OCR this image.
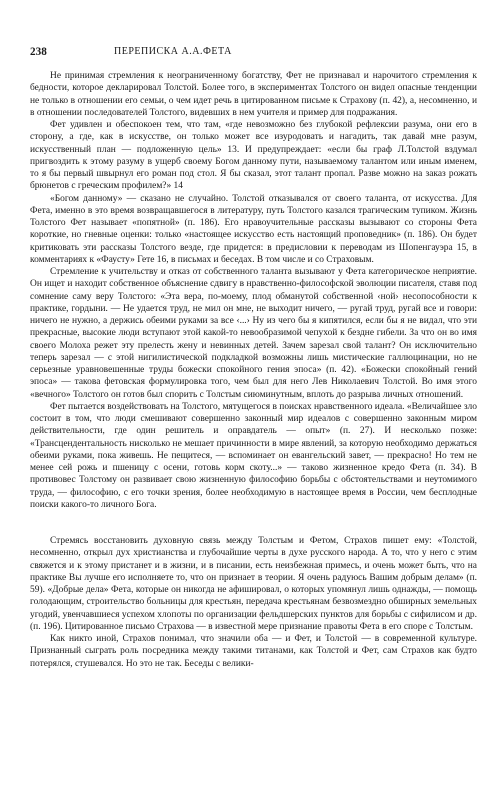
238	ПЕРЕПИСКА А.А.ФЕТА

Не принимая стремления к неограниченному богатству, Фет не признавал и нарочитого стремления к бедности, которое декларировал Толстой. Более того, в экспериментах Толстого он видел опасные тенденции не только в отношении его семьи, о чем идет речь в цитированном письме к Страхову (п. 42), а, несомненно, и в отношении последователей Толстого, видевших в нем учителя и пример для подражания.

Фет удивлен и обеспокоен тем, что там, «где невозможно без глубокой рефлексии разума, они его в сторону, а где, как в искусстве, он только может все изуродовать и нагадить, так давай мне разум, искусственный план — подложенную цель» 13. И предупреждает: «если бы граф Л.Толстой вздумал пригвоздить к этому разуму в ущерб своему Богом данному пути, называемому талантом или иным именем, то я бы первый швырнул его роман под стол. Я бы сказал, этот талант пропал. Разве можно на заказ рожать брюнетов с греческим профилем?» 14

«Богом данному» — сказано не случайно. Толстой отказывался от своего таланта, от искусства. Для Фета, именно в это время возвращавшегося в литературу, путь Толстого казался трагическим тупиком. Жизнь Толстого Фет называет «попятной» (п. 186). Его нравоучительные рассказы вызывают со стороны Фета короткие, но гневные оценки: только «настоящее искусство есть настоящий проповедник» (п. 186). Он будет критиковать эти рассказы Толстого везде, где придется: в предисловии к переводам из Шопенгауэра 15, в комментариях к «Фаусту» Гете 16, в письмах и беседах. В том числе и со Страховым.

Стремление к учительству и отказ от собственного таланта вызывают у Фета категорическое неприятие. Он ищет и находит собственное объяснение сдвигу в нравственно-философской эволюции писателя, ставя под сомнение саму веру Толстого: «Эта вера, по-моему, плод обманутой собственной ‹ной› несопособности к практике, гордыни. — Не удается труд, не мил он мне, не выходит ничего, — ругай труд, ругай все и говори: ничего не нужно, а держись обеими руками за все ‹...› Ну из чего бы я кипятился, если бы я не видал, что эти прекрасные, высокие люди вступают этой какой-то невообразимой чепухой к бездне гибели. За что он во имя своего Молоха режет эту прелесть жену и невинных детей. Зачем зарезал свой талант? Он исключительно теперь зарезал — с этой нигилистической подкладкой возможны лишь мистические галлюцинации, но не серьезные уравновешенные труды божески спокойного гения эпоса» (п. 42). «Божески спокойный гений эпоса» — такова фетовская формулировка того, чем был для него Лев Николаевич Толстой. Во имя этого «вечного» Толстого он готов был спорить с Толстым сиюминутным, вплоть до разрыва личных отношений.

Фет пытается воздействовать на Толстого, мятущегося в поисках нравственного идеала. «Величайшее зло состоит в том, что люди смешивают совершенно законный мир идеалов с совершенно законным миром действительности, где один решитель и оправдатель — опыт» (п. 27). И несколько позже: «Трансцендентальность нисколько не мешает причинности в мире явлений, за которую необходимо держаться обеими руками, пока живешь. Не пещитеся, — вспоминает он евангельский завет, — прекрасно! Но тем не менее сей рожь и пшеницу с осени, готовь корм скоту...» — таково жизненное кредо Фета (п. 34). В противовес Толстому он развивает свою жизненную философию борьбы с обстоятельствами и неутомимого труда, — философию, с его точки зрения, более необходимую в настоящее время в России, чем бесплодные поиски какого-то личного Бога.

Стремясь восстановить духовную связь между Толстым и Фетом, Страхов пишет ему: «Толстой, несомненно, открыл дух христианства и глубочайшие черты в духе русского народа. А то, что у него с этим свяжется и к этому пристанет и в жизни, и в писании, есть неизбежная примесь, и очень может быть, что на практике Вы лучше его исполняете то, что он признает в теории. Я очень радуюсь Вашим добрым делам» (п. 59). «Добрые дела» Фета, которые он никогда не афишировал, о которых упомянул лишь однажды, — помощь голодающим, строительство больницы для крестьян, передача крестьянам безвозмездно обширных земельных угодий, увенчавшиеся успехом хлопоты по организации фельдшерских пунктов для борьбы с сифилисом и др. (п. 196). Цитированное письмо Страхова — в известной мере признание правоты Фета в его споре с Толстым.

Как никто иной, Страхов понимал, что значили оба — и Фет, и Толстой — в современной культуре. Признанный сыграть роль посредника между такими титанами, как Толстой и Фет, сам Страхов как будто потерялся, стушевался. Но это не так. Беседы с велики-
